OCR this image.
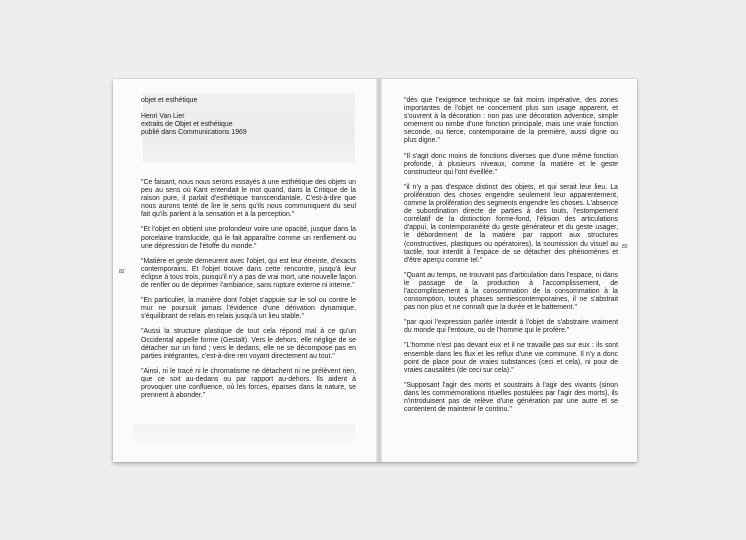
objet et esthétique
Henri Van Lier
extraits de Objet et esthétique
publié dans Communications 1969

"Ce faisant, nous nous serons essayés à une esthétique des objets un peu au sens où Kant entendait le mot quand, dans la Critique de la raison pure, il parlait d'esthétique transcendantale. C'est-à-dire que nous aurons tenté de lire le sens qu'ils nous communiquent du seul fait qu'ils parlent à la sensation et à la perception."

"Et l'objet en obtient une profondeur voire une opacité, jusque dans la porcelaine translucide, qui le fait apparaître comme un renflement ou une dépression de l'étoffe du monde."

"Matière et geste demeurent avec l'objet, qui est leur étreinte, d'exacts contemporains. Et l'objet trouve dans cette rencontre, jusqu'à leur éclipse à tous trois, puisqu'il n'y a pas de vrai mort, une nouvelle façon de renfler ou de déprimer l'ambiance, sans rupture externe ni interne."

"En particulier, la manière dont l'objet s'appuie sur le sol ou contre le mur ne poursuit jamais l'évidence d'une dérivation dynamique, s'équilibrant de relais en relais jusqu'à un lieu stable."

"Aussi la structure plastique de tout cela répond mal à ce qu'un Occidental appelle forme (Gestalt). Vers le dehors, elle néglige de se détacher sur un fond ; vers le dedans, elle ne se décompose pas en parties intégrantes, c'est-à-dire ren voyant directement au tout."

"Ainsi, ni le tracé ni le chromatisme ne détachent ni ne prélèvent rien, que ce soit au-dedans ou par rapport au-dehors. Ils aident à provoquer une confluence, où les forces, éparses dans la nature, se prennent à abonder."

82

"dès que l'exigence technique se fait moins impérative, des zones importantes de l'objet ne concernent plus son usage apparent, et s'ouvrent à la décoration : non pas une décoration adventice, simple ornement ou nimbe d'une fonction principale, mais une vraie fonction seconde, ou tierce, contemporaine de la première, aussi digne ou plus digne."

"Il s'agit donc moins de fonctions diverses que d'une même fonction profonde, à plusieurs niveaux, comme la matière et le geste constructeur qui l'ont éveillée."

"il n'y a pas d'espace distinct des objets, et qui serait leur lieu. La prolifération des choses engendre seulement leur apparentement, comme la prolifération des segments engendre les choses. L'absence de subordination directe de parties à des touts, l'estompement corrélatif de la distinction forme-fond, l'élision des articulations d'appui, la contemporanéité du geste générateur et du geste usager, le débordement de la matière par rapport aux structures (constructives, plastiques ou opératoires), la soumission du visuel au tactile, tout interdit à l'espace de se détacher des phénomènes et d'être aperçu comme tel."

"Quant au temps, ne trouvant pas d'articulation dans l'espace, ni dans le passage de la production à l'accomplissement, de l'accomplissement à la consommation de la consommation à la consomption, toutes phases sentiescontemporaines, il ne s'abstrait pas non plus et ne connaît que la durée et le battement."

"par quoi l'expression parlée interdit à l'objet de s'abstraire vraiment du monde qui l'entoure, ou de l'homme qui le profère."

"L'homme n'est pas devant eux et il ne travaille pas sur eux : ils sont ensemble dans les flux et les reflux d'une vie commune. Il n'y a donc point de place pour de vraies substances (ceci et cela), ni pour de vraies causalités (de ceci sur cela)."

"Supposant l'agir des morts et soustraits à l'agir des vivants (sinon dans les commémorations rituelles postulées par l'agir des morts), ils n'introduisent pas de relève d'une génération par une autre et se contentent de maintenir le continu."

83
